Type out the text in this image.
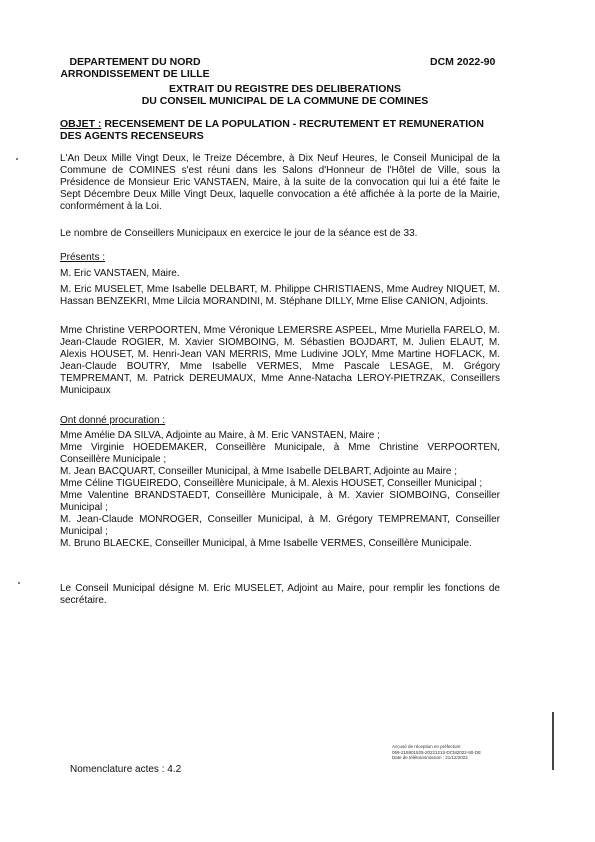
DEPARTEMENT DU NORD
ARRONDISSEMENT DE LILLE
DCM 2022-90
EXTRAIT DU REGISTRE DES DELIBERATIONS
DU CONSEIL MUNICIPAL DE LA COMMUNE DE COMINES
OBJET : RECENSEMENT DE LA POPULATION - RECRUTEMENT ET REMUNERATION DES AGENTS RECENSEURS

L'An Deux Mille Vingt Deux, le Treize Décembre, à Dix Neuf Heures, le Conseil Municipal de la Commune de COMINES s'est réuni dans les Salons d'Honneur de l'Hôtel de Ville, sous la Présidence de Monsieur Eric VANSTAEN, Maire, à la suite de la convocation qui lui a été faite le Sept Décembre Deux Mille Vingt Deux, laquelle convocation a été affichée à la porte de la Mairie, conformément à la Loi.

Le nombre de Conseillers Municipaux en exercice le jour de la séance est de 33.

Présents :

M. Eric VANSTAEN, Maire.

M. Eric MUSELET, Mme Isabelle DELBART, M. Philippe CHRISTIAENS, Mme Audrey NIQUET, M. Hassan BENZEKRI, Mme Lilcia MORANDINI, M. Stéphane DILLY, Mme Elise CANION, Adjoints.

Mme Christine VERPOORTEN, Mme Véronique LEMERSRE ASPEEL, Mme Muriella FARELO, M. Jean-Claude ROGIER, M. Xavier SIOMBOING, M. Sébastien BOJDART, M. Julien ELAUT, M. Alexis HOUSET, M. Henri-Jean VAN MERRIS, Mme Ludivine JOLY, Mme Martine HOFLACK, M. Jean-Claude BOUTRY, Mme Isabelle VERMES, Mme Pascale LESAGE, M. Grégory TEMPREMANT, M. Patrick DEREUMAUX, Mme Anne-Natacha LEROY-PIETRZAK, Conseillers Municipaux

Ont donné procuration :

Mme Amélie DA SILVA, Adjointe au Maire, à M. Eric VANSTAEN, Maire ;

Mme Virginie HOEDEMAKER, Conseillère Municipale, à Mme Christine VERPOORTEN, Conseillère Municipale ;

M. Jean BACQUART, Conseiller Municipal, à Mme Isabelle DELBART, Adjointe au Maire ;

Mme Céline TIGUEIREDO, Conseillère Municipale, à M. Alexis HOUSET, Conseiller Municipal ;

Mme Valentine BRANDSTAEDT, Conseillère Municipale, à M. Xavier SIOMBOING, Conseiller Municipal ;

M. Jean-Claude MONROGER, Conseiller Municipal, à M. Grégory TEMPREMANT, Conseiller Municipal ;

M. Bruno BLAECKE, Conseiller Municipal, à Mme Isabelle VERMES, Conseillère Municipale.

Le Conseil Municipal désigne M. Eric MUSELET, Adjoint au Maire, pour remplir les fonctions de secrétaire.

Accusé de réception en préfecture
059-215901525-20221213-DCM2022-90-DE
Date de télétransmission : 21/12/2022

Nomenclature actes : 4.2
